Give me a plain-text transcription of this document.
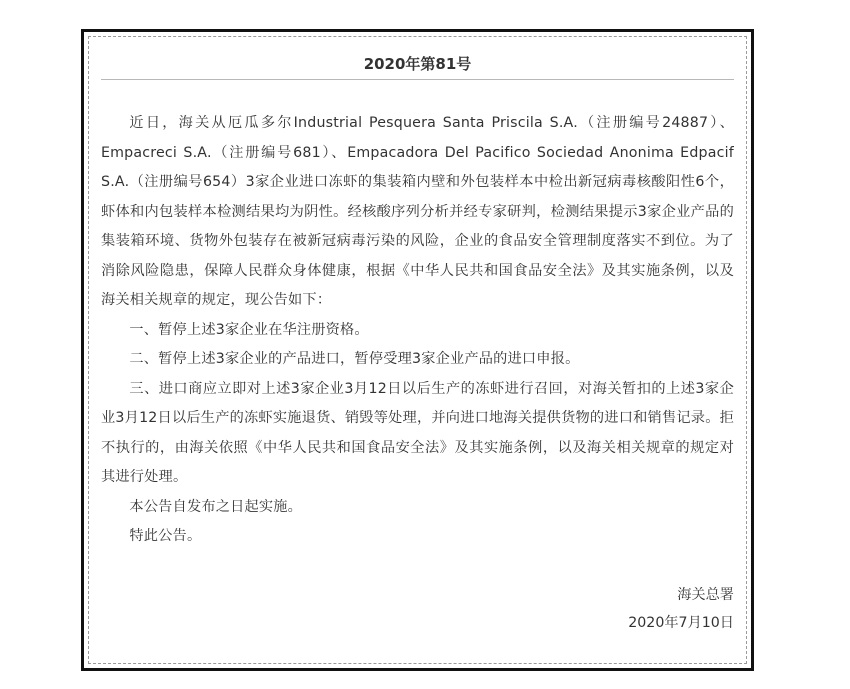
2020年第81号

近日，海关从厄瓜多尔Industrial Pesquera Santa Priscila S.A.（注册编号24887）、Empacreci S.A.（注册编号681）、Empacadora Del Pacifico Sociedad Anonima Edpacif S.A.（注册编号654）3家企业进口冻虾的集装箱内壁和外包装样本中检出新冠病毒核酸阳性6个，虾体和内包装样本检测结果均为阴性。经核酸序列分析并经专家研判，检测结果提示3家企业产品的集装箱环境、货物外包装存在被新冠病毒污染的风险，企业的食品安全管理制度落实不到位。为了消除风险隐患，保障人民群众身体健康，根据《中华人民共和国食品安全法》及其实施条例，以及海关相关规章的规定，现公告如下：

一、暂停上述3家企业在华注册资格。

二、暂停上述3家企业的产品进口，暂停受理3家企业产品的进口申报。

三、进口商应立即对上述3家企业3月12日以后生产的冻虾进行召回，对海关暂扣的上述3家企业3月12日以后生产的冻虾实施退货、销毁等处理，并向进口地海关提供货物的进口和销售记录。拒不执行的，由海关依照《中华人民共和国食品安全法》及其实施条例，以及海关相关规章的规定对其进行处理。

本公告自发布之日起实施。

特此公告。

海关总署

2020年7月10日
